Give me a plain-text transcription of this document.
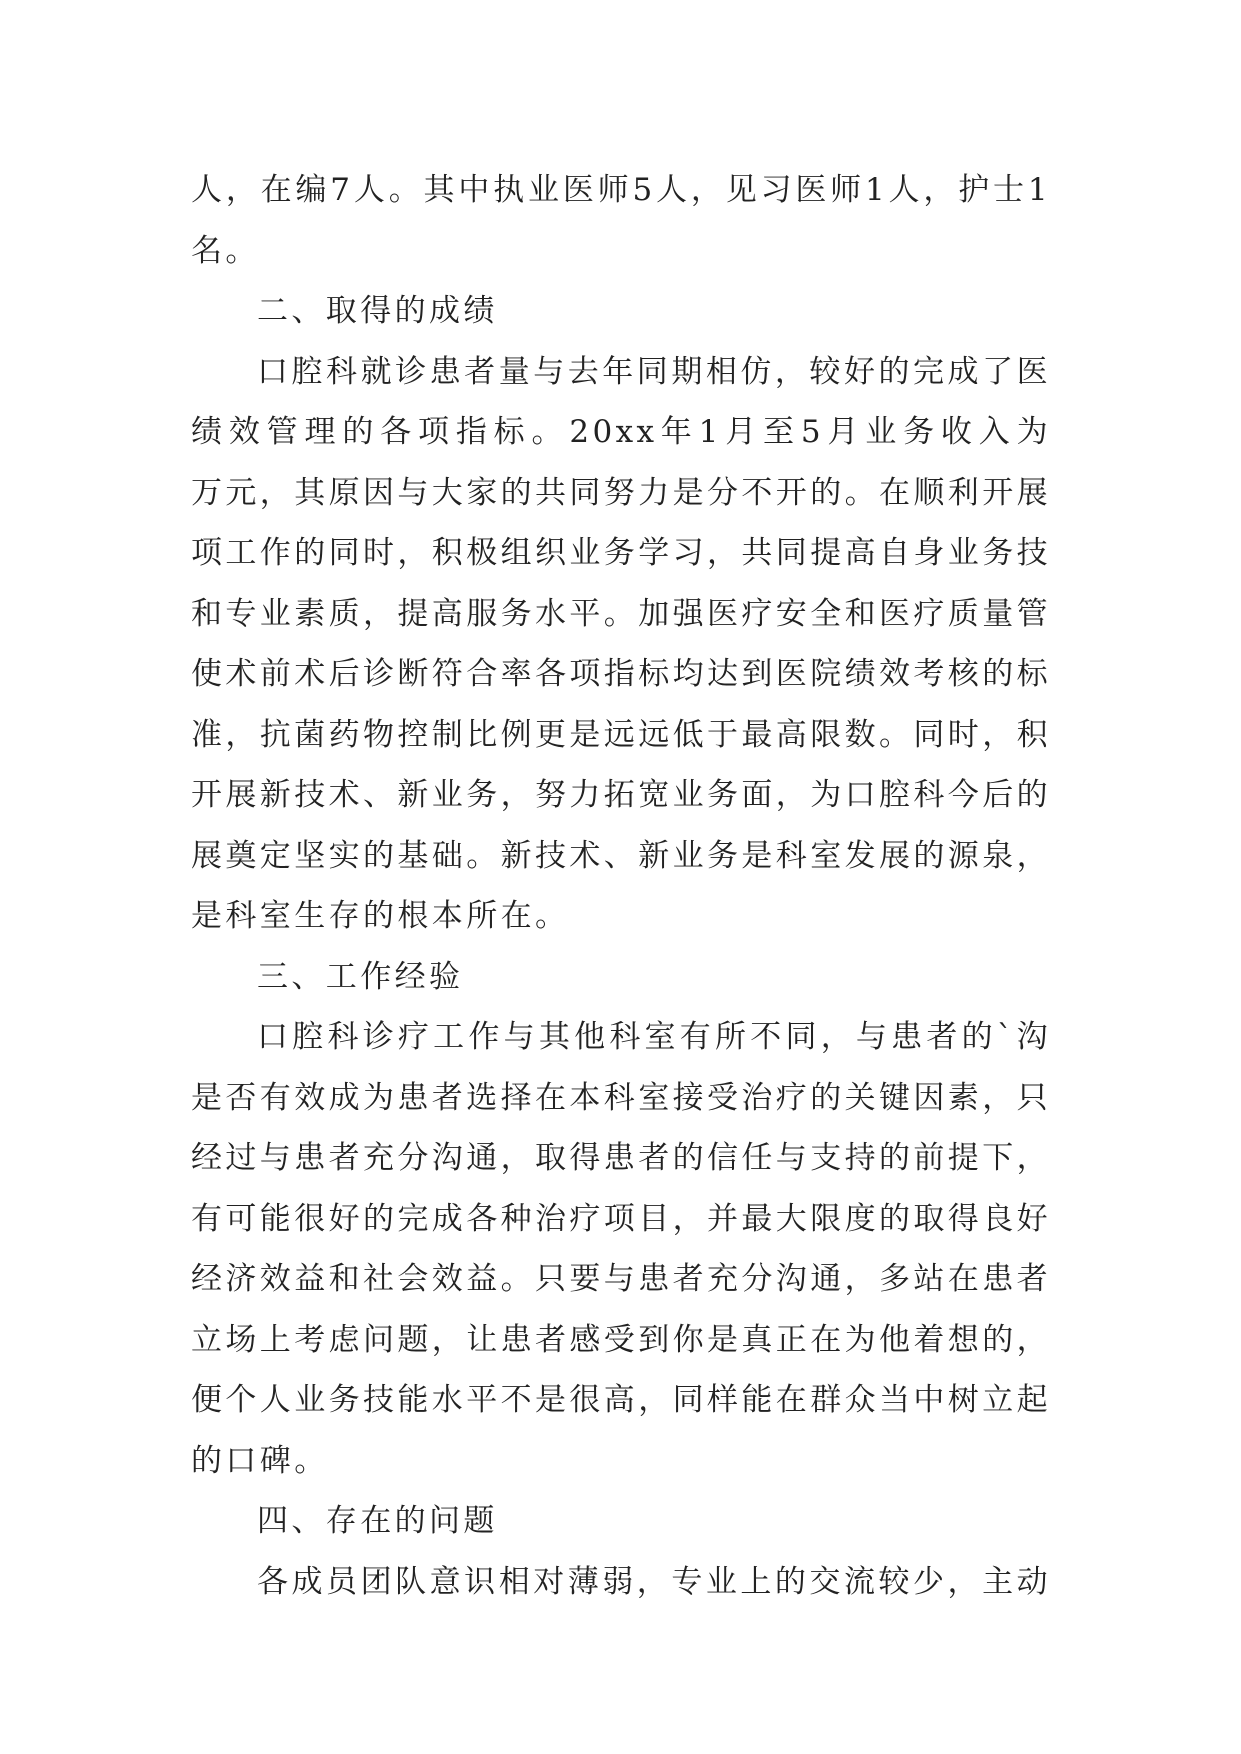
人，在编7人。其中执业医师5人，见习医师1人，护士1
名。
二、取得的成绩
口腔科就诊患者量与去年同期相仿，较好的完成了医
绩效管理的各项指标。20xx年1月至5月业务收入为
万元，其原因与大家的共同努力是分不开的。在顺利开展
项工作的同时，积极组织业务学习，共同提高自身业务技
和专业素质，提高服务水平。加强医疗安全和医疗质量管
使术前术后诊断符合率各项指标均达到医院绩效考核的标
准，抗菌药物控制比例更是远远低于最高限数。同时，积
开展新技术、新业务，努力拓宽业务面，为口腔科今后的
展奠定坚实的基础。新技术、新业务是科室发展的源泉，
是科室生存的根本所在。
三、工作经验
口腔科诊疗工作与其他科室有所不同，与患者的`沟
是否有效成为患者选择在本科室接受治疗的关键因素，只
经过与患者充分沟通，取得患者的信任与支持的前提下，
有可能很好的完成各种治疗项目，并最大限度的取得良好
经济效益和社会效益。只要与患者充分沟通，多站在患者
立场上考虑问题，让患者感受到你是真正在为他着想的，
便个人业务技能水平不是很高，同样能在群众当中树立起
的口碑。
四、存在的问题
各成员团队意识相对薄弱，专业上的交流较少，主动
